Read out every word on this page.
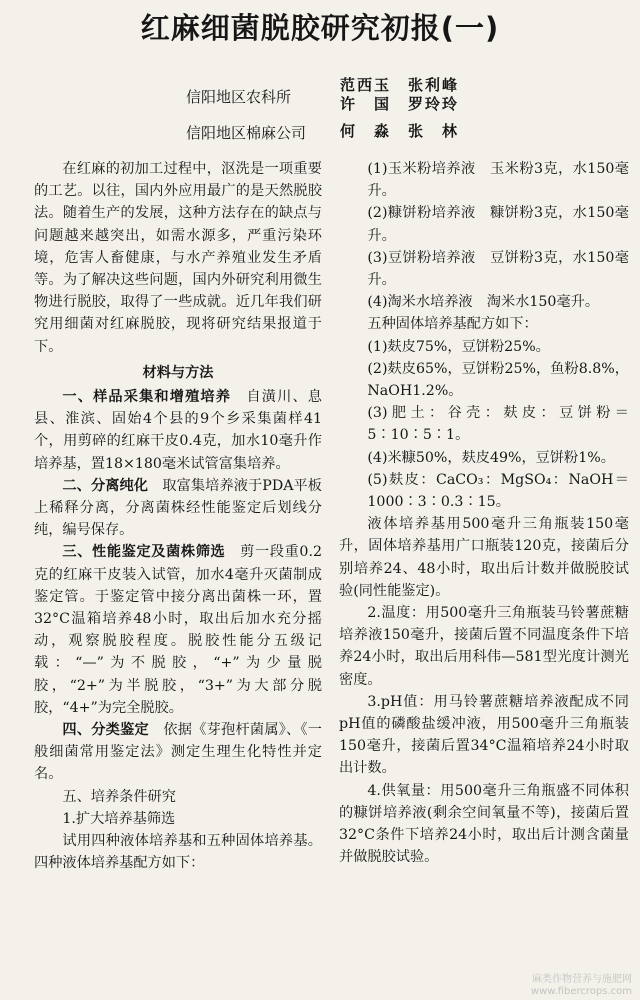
红麻细菌脱胶研究初报(一)
信阳地区农科所
范西玉　张利峰
许　国　罗玲玲
信阳地区棉麻公司 何　淼　张　林

在红麻的初加工过程中，沤洗是一项重要的工艺。以往，国内外应用最广的是天然脱胶法。随着生产的发展，这种方法存在的缺点与问题越来越突出，如需水源多，严重污染环境，危害人畜健康，与水产养殖业发生矛盾等。为了解决这些问题，国内外研究利用微生物进行脱胶，取得了一些成就。近几年我们研究用细菌对红麻脱胶，现将研究结果报道于下。

材料与方法

一、样品采集和增殖培养　自潢川、息县、淮滨、固始4个县的9个乡采集菌样41个，用剪碎的红麻干皮0.4克，加水10毫升作培养基，置18×180毫米试管富集培养。

二、分离纯化　取富集培养液于PDA平板上稀释分离，分离菌株经性能鉴定后划线分纯，编号保存。

三、性能鉴定及菌株筛选　剪一段重0.2克的红麻干皮装入试管，加水4毫升灭菌制成鉴定管。于鉴定管中接分离出菌株一环，置32°C温箱培养48小时，取出后加水充分摇动，观察脱胶程度。脱胶性能分五级记载：“—”为不脱胶，“+”为少量脱胶，“2+”为半脱胶，“3+”为大部分脱胶，“4+”为完全脱胶。

四、分类鉴定　依据《芽孢杆菌属》、《一般细菌常用鉴定法》测定生理生化特性并定名。

五、培养条件研究

1.扩大培养基筛选

试用四种液体培养基和五种固体培养基。四种液体培养基配方如下：

(1)玉米粉培养液　玉米粉3克，水150毫升。

(2)糠饼粉培养液　糠饼粉3克，水150毫升。

(3)豆饼粉培养液　豆饼粉3克，水150毫升。

(4)淘米水培养液　淘米水150毫升。

五种固体培养基配方如下：

(1)麸皮75%，豆饼粉25%。

(2)麸皮65%，豆饼粉25%，鱼粉8.8%，NaOH1.2%。

(3)肥土：谷壳：麸皮：豆饼粉＝5∶10∶5∶1。

(4)米糠50%，麸皮49%，豆饼粉1%。

(5)麸皮：CaCO₃：MgSO₄：NaOH＝1000∶3∶0.3∶15。

液体培养基用500毫升三角瓶装150毫升，固体培养基用广口瓶装120克，接菌后分别培养24、48小时，取出后计数并做脱胶试验(同性能鉴定)。

2.温度：用500毫升三角瓶装马铃薯蔗糖培养液150毫升，接菌后置不同温度条件下培养24小时，取出后用科伟—581型光度计测光密度。

3.pH值：用马铃薯蔗糖培养液配成不同pH值的磷酸盐缓冲液，用500毫升三角瓶装150毫升，接菌后置34°C温箱培养24小时取出计数。

4.供氧量：用500毫升三角瓶盛不同体积的糠饼培养液(剩余空间氧量不等)，接菌后置32°C条件下培养24小时，取出后计测含菌量并做脱胶试验。

麻类作物营养与施肥网
www.fibercrops.com
